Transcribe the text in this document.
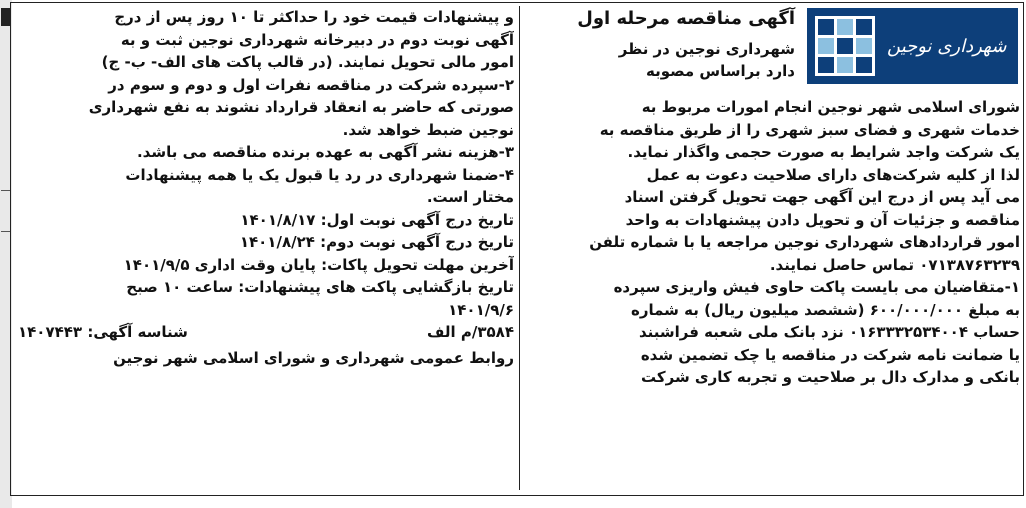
شهرداری نوجین
آگهی مناقصه مرحله اول
شهرداری نوجین در نظر
دارد براساس مصوبه
شورای اسلامی شهر نوجین انجام امورات مربوط به
خدمات شهری و فضای سبز شهری را از طریق مناقصه به
یک شرکت واجد شرایط به صورت حجمی واگذار نماید.
لذا از کلیه شرکت‌های دارای صلاحیت دعوت به عمل
می آید پس از درج این آگهی جهت تحویل گرفتن اسناد
مناقصه و جزئیات آن و تحویل دادن پیشنهادات به واحد
امور قراردادهای شهرداری نوجین مراجعه یا با شماره تلفن
۰۷۱۳۸۷۶۳۲۳۹ تماس حاصل نمایند.
۱-متقاضیان می بایست پاکت حاوی فیش واریزی سپرده
به مبلغ ۶۰۰/۰۰۰/۰۰۰ (ششصد میلیون ریال) به شماره
حساب ۰۱۶۳۳۳۲۵۳۴۰۰۴ نزد بانک ملی شعبه فراشبند
یا ضمانت نامه شرکت در مناقصه یا چک تضمین شده
بانکی و مدارک دال بر صلاحیت و تجربه کاری شرکت
و پیشنهادات قیمت خود را حداکثر تا ۱۰ روز پس از درج
آگهی نوبت دوم در دبیرخانه شهرداری نوجین ثبت و به
امور مالی تحویل نمایند. (در قالب پاکت های الف- ب- ج)
۲-سپرده شرکت در مناقصه نفرات اول و دوم و سوم در
صورتی که حاضر به انعقاد قرارداد نشوند به نفع شهرداری
نوجین ضبط خواهد شد.
۳-هزینه نشر آگهی به عهده برنده مناقصه می باشد.
۴-ضمنا شهرداری در رد یا قبول یک یا همه پیشنهادات
مختار است.
تاریخ درج آگهی نوبت اول: ۱۴۰۱/۸/۱۷
تاریخ درج آگهی نوبت دوم: ۱۴۰۱/۸/۲۴
آخرین مهلت تحویل پاکات: پایان وقت اداری ۱۴۰۱/۹/۵
تاریخ بازگشایی پاکت های پیشنهادات: ساعت ۱۰ صبح
۱۴۰۱/۹/۶
۳۵۸۴/م الف
شناسه آگهی: ۱۴۰۷۴۴۳
روابط عمومی شهرداری و شورای اسلامی شهر نوجین
